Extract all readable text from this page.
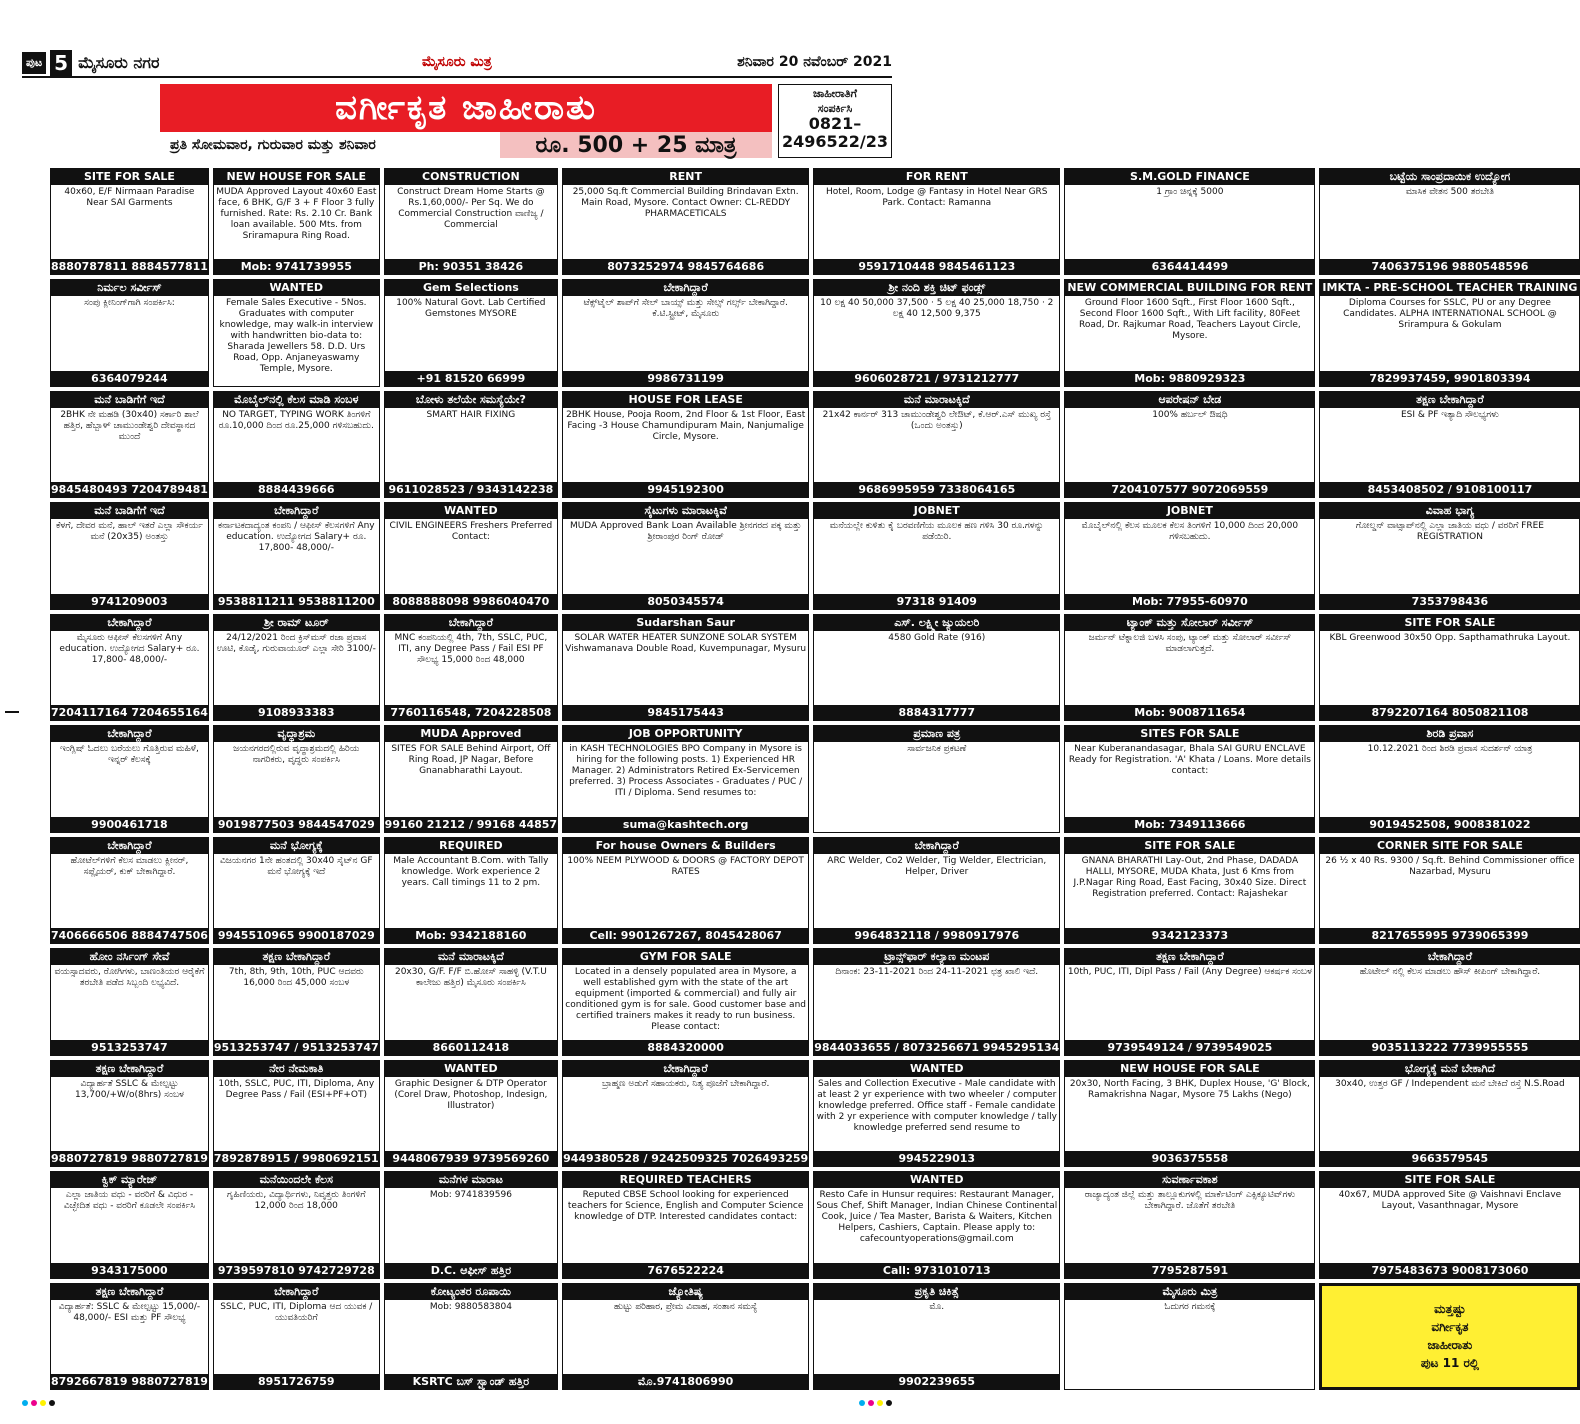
ಪುಟ 5 ಮೈಸೂರು ನಗರ	ಮೈಸೂರು ಮಿತ್ರ	ಶನಿವಾರ 20 ನವೆಂಬರ್ 2021
ವರ್ಗೀಕೃತ ಜಾಹೀರಾತು
ಪ್ರತಿ ಸೋಮವಾರ, ಗುರುವಾರ ಮತ್ತು ಶನಿವಾರ	ರೂ. 500 + 25 ಮಾತ್ರ
ಜಾಹೀರಾತಿಗೆ
ಸಂಪರ್ಕಿಸಿ
0821–
2496522/23
SITE FOR SALE
40x60, E/F Nirmaan Paradise Near SAI Garments
8880787811 8884577811
NEW HOUSE FOR SALE
MUDA Approved Layout 40x60 East face, 6 BHK, G/F 3 + F Floor 3 fully furnished. Rate: Rs. 2.10 Cr. Bank loan available. 500 Mts. from Sriramapura Ring Road.
Mob: 9741739955
CONSTRUCTION
Construct Dream Home Starts @ Rs.1,60,000/- Per Sq. We do Commercial Construction ವಾಣಿಜ್ಯ / Commercial
Ph: 90351 38426
RENT
25,000 Sq.ft Commercial Building Brindavan Extn. Main Road, Mysore. Contact Owner: CL-REDDY PHARMACETICALS
8073252974 9845764686
FOR RENT
Hotel, Room, Lodge @ Fantasy in Hotel Near GRS Park. Contact: Ramanna
9591710448 9845461123
S.M.GOLD FINANCE
1 ಗ್ರಾಂ ಚಿನ್ನಕ್ಕೆ 5000
6364414499
ಬಟ್ಟೆಯ ಸಾಂಪ್ರದಾಯಿಕ ಉದ್ಯೋಗ
ಮಾಸಿಕ ವೇತನ 500 ತರಬೇತಿ
7406375196 9880548596
ನಿರ್ಮಲ ಸರ್ವೀಸ್
ಸಂಪು ಕ್ಲೀನಿಂಗ್‌ಗಾಗಿ ಸಂಪರ್ಕಿಸಿ:
6364079244
WANTED
Female Sales Executive - 5Nos. Graduates with computer knowledge, may walk-in interview with handwritten bio-data to: Sharada Jewellers 58. D.D. Urs Road, Opp. Anjaneyaswamy Temple, Mysore.
Gem Selections
100% Natural Govt. Lab Certified Gemstones MYSORE
+91 81520 66999
ಬೇಕಾಗಿದ್ದಾರೆ
ಟೆಕ್ಸ್‌ಟೈಲ್ ಶಾಪ್‌ಗೆ ಸೇಲ್ ಬಾಯ್ಸ್ ಮತ್ತು ಸೇಲ್ಸ್ ಗರ್ಲ್ಸ್ ಬೇಕಾಗಿದ್ದಾರೆ. ಕೆ.ಟಿ.ಸ್ಟ್ರೀಟ್, ಮೈಸೂರು
9986731199
ಶ್ರೀ ನಂದಿ ಶಕ್ತಿ ಚಿಟ್ ಫಂಡ್ಸ್
10 ಲಕ್ಷ 40 50,000 37,500 · 5 ಲಕ್ಷ 40 25,000 18,750 · 2 ಲಕ್ಷ 40 12,500 9,375
9606028721 / 9731212777
NEW COMMERCIAL BUILDING FOR RENT
Ground Floor 1600 Sqft., First Floor 1600 Sqft., Second Floor 1600 Sqft., With Lift facility, 80Feet Road, Dr. Rajkumar Road, Teachers Layout Circle, Mysore.
Mob: 9880929323
IMKTA - PRE-SCHOOL TEACHER TRAINING
Diploma Courses for SSLC, PU or any Degree Candidates. ALPHA INTERNATIONAL SCHOOL @ Srirampura & Gokulam
7829937459, 9901803394
ಮನೆ ಬಾಡಿಗೆಗೆ ಇದೆ
2BHK ನೇ ಮಹಡಿ (30x40) ಸರ್ಕಾರಿ ಶಾಲೆ ಹತ್ತಿರ, ಹೆಬ್ಬಾಳ್ ಚಾಮುಂಡೇಶ್ವರಿ ದೇವಸ್ಥಾನದ ಮುಂದೆ
9845480493 7204789481
ಮೊಬೈಲ್‌ನಲ್ಲಿ ಕೆಲಸ ಮಾಡಿ ಸಂಬಳ
NO TARGET, TYPING WORK ತಿಂಗಳಿಗೆ ರೂ.10,000 ದಿಂದ ರೂ.25,000 ಗಳಿಸಬಹುದು.
8884439666
ಬೋಳು ತಲೆಯೇ ಸಮಸ್ಯೆಯೇ?
SMART HAIR FIXING
9611028523 / 9343142238
HOUSE FOR LEASE
2BHK House, Pooja Room, 2nd Floor & 1st Floor, East Facing -3 House Chamundipuram Main, Nanjumalige Circle, Mysore.
9945192300
ಮನೆ ಮಾರಾಟಕ್ಕಿದೆ
21x42 ಕಾರ್ನರ್ 313 ಚಾಮುಂಡೇಶ್ವರಿ ಲೇಔಟ್, ಕೆ.ಆರ್.ಎಸ್ ಮುಖ್ಯ ರಸ್ತೆ (ಒಂದು ಅಂತಸ್ತು)
9686995959 7338064165
ಆಪರೇಷನ್ ಬೇಡ
100% ಹರ್ಬಲ್ ಔಷಧಿ
7204107577 9072069559
ತಕ್ಷಣ ಬೇಕಾಗಿದ್ದಾರೆ
ESI & PF ಇತ್ಯಾದಿ ಸೌಲಭ್ಯಗಳು
8453408502 / 9108100117
ಮನೆ ಬಾಡಿಗೆಗೆ ಇದೆ
ಕೆಳಗೆ, ದೇವರ ಮನೆ, ಹಾಲ್ ಇತರೆ ಎಲ್ಲಾ ಸೌಕರ್ಯ ಮನೆ (20x35) ಅಂತಸ್ತು
9741209003
ಬೇಕಾಗಿದ್ದಾರೆ
ಕರ್ನಾಟಕದಾದ್ಯಂತ ಕಂಪನಿ / ಆಫೀಸ್ ಕೆಲಸಗಳಿಗೆ Any education. ಉದ್ಯೋಗದ Salary+ ರೂ. 17,800- 48,000/-
9538811211 9538811200
WANTED
CIVIL ENGINEERS Freshers Preferred Contact:
8088888098 9986040470
ಸೈಟುಗಳು ಮಾರಾಟಕ್ಕಿವೆ
MUDA Approved Bank Loan Available ಶ್ರೀನಗರದ ಪಕ್ಕ ಮತ್ತು ಶ್ರೀರಾಂಪುರ ರಿಂಗ್ ರೋಡ್
8050345574
JOBNET
ಮನೆಯಲ್ಲೇ ಕುಳಿತು ಕೈ ಬರವಣಿಗೆಯ ಮೂಲಕ ಹಣ ಗಳಿಸಿ 30 ರೂ.ಗಳನ್ನು ಪಡೆಯಿರಿ.
97318 91409
JOBNET
ಮೊಬೈಲ್‌ನಲ್ಲಿ ಕೆಲಸ ಮೂಲಕ ಕೆಲಸ ತಿಂಗಳಿಗೆ 10,000 ದಿಂದ 20,000 ಗಳಿಸಬಹುದು.
Mob: 77955-60970
ವಿವಾಹ ಭಾಗ್ಯ
ಗೋಲ್ಡನ್ ವಾಟ್ಸಾಪ್‌ನಲ್ಲಿ ಎಲ್ಲಾ ಜಾತಿಯ ವಧು / ವರರಿಗೆ FREE REGISTRATION
7353798436
ಬೇಕಾಗಿದ್ದಾರೆ
ಮೈಸೂರು ಆಫೀಸ್ ಕೆಲಸಗಳಿಗೆ Any education. ಉದ್ಯೋಗದ Salary+ ರೂ. 17,800- 48,000/-
7204117164 7204655164
ಶ್ರೀ ರಾಮ್ ಟೂರ್
24/12/2021 ರಿಂದ ಕ್ರಿಸ್‌ಮಸ್ ರಜಾ ಪ್ರವಾಸ ಊಟಿ, ಕೊಡೈ, ಗುರುವಾಯೂರ್ ಎಲ್ಲಾ ಸೇರಿ 3100/-
9108933383
ಬೇಕಾಗಿದ್ದಾರೆ
MNC ಕಂಪನಿಯಲ್ಲಿ 4th, 7th, SSLC, PUC, ITI, any Degree Pass / Fail ESI PF ಸೌಲಭ್ಯ 15,000 ರಿಂದ 48,000
7760116548, 7204228508
Sudarshan Saur
SOLAR WATER HEATER SUNZONE SOLAR SYSTEM Vishwamanava Double Road, Kuvempunagar, Mysuru
9845175443
ಎಸ್. ಲಕ್ಷ್ಮೀ ಜ್ಯುಯಲರಿ
4580 Gold Rate (916)
8884317777
ಟ್ಯಾಂಕ್ ಮತ್ತು ಸೋಲಾರ್ ಸರ್ವೀಸ್
ಜರ್ಮನ್ ಟೆಕ್ನಾಲಜಿ ಬಳಸಿ ಸಂಪು, ಟ್ಯಾಂಕ್ ಮತ್ತು ಸೋಲಾರ್ ಸರ್ವೀಸ್ ಮಾಡಲಾಗುತ್ತದೆ.
Mob: 9008711654
SITE FOR SALE
KBL Greenwood 30x50 Opp. Sapthamathruka Layout.
8792207164 8050821108
ಬೇಕಾಗಿದ್ದಾರೆ
ಇಂಗ್ಲಿಷ್ ಓದಲು ಬರೆಯಲು ಗೊತ್ತಿರುವ ಮಹಿಳೆ, ಇನ್ನರ್ ಕೆಲಸಕ್ಕೆ
9900461718
ವೃದ್ಧಾಶ್ರಮ
ಜಯನಗರದಲ್ಲಿರುವ ವೃದ್ಧಾಶ್ರಮದಲ್ಲಿ ಹಿರಿಯ ನಾಗರಿಕರು, ವೃದ್ಧರು ಸಂಪರ್ಕಿಸಿ
9019877503 9844547029
MUDA Approved
SITES FOR SALE Behind Airport, Off Ring Road, JP Nagar, Before Gnanabharathi Layout.
99160 21212 / 99168 44857
JOB OPPORTUNITY
in KASH TECHNOLOGIES BPO Company in Mysore is hiring for the following posts. 1) Experienced HR Manager. 2) Administrators Retired Ex-Servicemen preferred. 3) Process Associates - Graduates / PUC / ITI / Diploma. Send resumes to:
suma@kashtech.org
ಪ್ರಮಾಣ ಪತ್ರ
ಸಾರ್ವಜನಿಕ ಪ್ರಕಟಣೆ
SITES FOR SALE
Near Kuberanandasagar, Bhala SAI GURU ENCLAVE Ready for Registration. 'A' Khata / Loans. More details contact:
Mob: 7349113666
ಶಿರಡಿ ಪ್ರವಾಸ
10.12.2021 ರಿಂದ ಶಿರಡಿ ಪ್ರವಾಸ ಸುದರ್ಶನ್ ಯಾತ್ರ
9019452508, 9008381022
ಬೇಕಾಗಿದ್ದಾರೆ
ಹೋಟೆಲ್‌ಗಳಿಗೆ ಕೆಲಸ ಮಾಡಲು ಕ್ಲೀನರ್, ಸಪ್ಲೈಯರ್, ಕುಕ್ ಬೇಕಾಗಿದ್ದಾರೆ.
7406666506 8884747506
ಮನೆ ಭೋಗ್ಯಕ್ಕೆ
ವಿಜಯನಗರ 1ನೇ ಹಂತದಲ್ಲಿ 30x40 ಸೈಟ್‌ನ GF ಮನೆ ಭೋಗ್ಯಕ್ಕೆ ಇದೆ
9945510965 9900187029
REQUIRED
Male Accountant B.Com. with Tally knowledge. Work experience 2 years. Call timings 11 to 2 pm.
Mob: 9342188160
For house Owners & Builders
100% NEEM PLYWOOD & DOORS @ FACTORY DEPOT RATES
Cell: 9901267267, 8045428067
ಬೇಕಾಗಿದ್ದಾರೆ
ARC Welder, Co2 Welder, Tig Welder, Electrician, Helper, Driver
9964832118 / 9980917976
SITE FOR SALE
GNANA BHARATHI Lay-Out, 2nd Phase, DADADA HALLI, MYSORE, MUDA Khata, Just 6 Kms from J.P.Nagar Ring Road, East Facing, 30x40 Size. Direct Registration preferred. Contact: Rajashekar
9342123373
CORNER SITE FOR SALE
26 ½ x 40 Rs. 9300 / Sq.ft. Behind Commissioner office Nazarbad, Mysuru
8217655995 9739065399
ಹೋಂ ನರ್ಸಿಂಗ್ ಸೇವೆ
ವಯಸ್ಸಾದವರು, ರೋಗಿಗಳು, ಬಾಣಂತಿಯರ ಆರೈಕೆಗೆ ತರಬೇತಿ ಪಡೆದ ಸಿಬ್ಬಂದಿ ಲಭ್ಯವಿದೆ.
9513253747
ತಕ್ಷಣ ಬೇಕಾಗಿದ್ದಾರೆ
7th, 8th, 9th, 10th, PUC ಆದವರು 16,000 ರಿಂದ 45,000 ಸಂಬಳ
9513253747 / 9513253747
ಮನೆ ಮಾರಾಟಕ್ಕಿದೆ
20x30, G/F. F/F ಬಿ.ಹೋಸ್ ಸಾಹಳ್ಳಿ (V.T.U ಕಾಲೇಜು ಹತ್ತಿರ) ಮೈಸೂರು ಸಂಪರ್ಕಿಸಿ
8660112418
GYM FOR SALE
Located in a densely populated area in Mysore, a well established gym with the state of the art equipment (imported & commercial) and fully air conditioned gym is for sale. Good customer base and certified trainers makes it ready to run business. Please contact:
8884320000
ಟ್ರಾನ್ಸ್‌ಫಾರ್ ಕಲ್ಯಾಣ ಮಂಟಪ
ದಿನಾಂಕ: 23-11-2021 ರಿಂದ 24-11-2021 ಛತ್ರ ಖಾಲಿ ಇದೆ.
9844033655 / 8073256671 9945295134
ತಕ್ಷಣ ಬೇಕಾಗಿದ್ದಾರೆ
10th, PUC, ITI, Dipl Pass / Fail (Any Degree) ಆಕರ್ಷಕ ಸಂಬಳ
9739549124 / 9739549025
ಬೇಕಾಗಿದ್ದಾರೆ
ಹೊಟೇಲ್ ನಲ್ಲಿ ಕೆಲಸ ಮಾಡಲು ಹೌಸ್ ಕೀಪಿಂಗ್ ಬೇಕಾಗಿದ್ದಾರೆ.
9035113222 7739955555
ತಕ್ಷಣ ಬೇಕಾಗಿದ್ದಾರೆ
ವಿದ್ಯಾರ್ಹತೆ SSLC & ಮೇಲ್ಪಟ್ಟು 13,700/+W/o(8hrs) ಸಂಬಳ
9880727819 9880727819
ನೇರ ನೇಮಕಾತಿ
10th, SSLC, PUC, ITI, Diploma, Any Degree Pass / Fail (ESI+PF+OT)
7892878915 / 9980692151
WANTED
Graphic Designer & DTP Operator (Corel Draw, Photoshop, Indesign, Illustrator)
9448067939 9739569260
ಬೇಕಾಗಿದ್ದಾರೆ
ಬ್ರಾಹ್ಮಣ ಅಡುಗೆ ಸಹಾಯಕರು, ನಿತ್ಯ ಪೂಜೆಗೆ ಬೇಕಾಗಿದ್ದಾರೆ.
9449380528 / 9242509325 7026493259
WANTED
Sales and Collection Executive - Male candidate with at least 2 yr experience with two wheeler / computer knowledge preferred. Office staff - Female candidate with 2 yr experience with computer knowledge / tally knowledge preferred send resume to
9945229013
NEW HOUSE FOR SALE
20x30, North Facing, 3 BHK, Duplex House, 'G' Block, Ramakrishna Nagar, Mysore 75 Lakhs (Nego)
9036375558
ಭೋಗ್ಯಕ್ಕೆ ಮನೆ ಬೇಕಾಗಿದೆ
30x40, ಉತ್ತರ GF / Independent ಮನೆ ಬೇಕಿದೆ ರಸ್ತೆ N.S.Road
9663579545
ಕ್ವಿಕ್ ಮ್ಯಾರೇಜ್
ಎಲ್ಲಾ ಜಾತಿಯ ವಧು - ವರರಿಗೆ & ವಿಧುರ - ವಿಚ್ಛೇದಿತ ವಧು - ವರರಿಗೆ ಕೂಡಲೇ ಸಂಪರ್ಕಿಸಿ
9343175000
ಮನೆಯಿಂದಲೇ ಕೆಲಸ
ಗೃಹಿಣಿಯರು, ವಿದ್ಯಾರ್ಥಿಗಳು, ನಿವೃತ್ತರು ತಿಂಗಳಿಗೆ 12,000 ರಿಂದ 18,000
9739597810 9742729728
ಮನೆಗಳ ಮಾರಾಟ
Mob: 9741839596
D.C. ಆಫೀಸ್ ಹತ್ತಿರ
REQUIRED TEACHERS
Reputed CBSE School looking for experienced teachers for Science, English and Computer Science knowledge of DTP. Interested candidates contact:
7676522224
WANTED
Resto Cafe in Hunsur requires: Restaurant Manager, Sous Chef, Shift Manager, Indian Chinese Continental Cook, Juice / Tea Master, Barista & Waiters, Kitchen Helpers, Cashiers, Captain. Please apply to: cafecountyoperations@gmail.com
Call: 9731010713
ಸುವರ್ಣಾವಕಾಶ
ರಾಜ್ಯಾದ್ಯಂತ ಜಿಲ್ಲೆ ಮತ್ತು ತಾಲ್ಲೂಕುಗಳಲ್ಲಿ ಮಾರ್ಕೆಟಿಂಗ್ ಎಕ್ಸಿಕ್ಯೂಟಿವ್‌ಗಳು ಬೇಕಾಗಿದ್ದಾರೆ. ಜೊತೆಗೆ ತರಬೇತಿ
7795287591
SITE FOR SALE
40x67, MUDA approved Site @ Vaishnavi Enclave Layout, Vasanthnagar, Mysore
7975483673 9008173060
ತಕ್ಷಣ ಬೇಕಾಗಿದ್ದಾರೆ
ವಿದ್ಯಾರ್ಹತೆ: SSLC & ಮೇಲ್ಪಟ್ಟು 15,000/- 48,000/- ESI ಮತ್ತು PF ಸೌಲಭ್ಯ
8792667819 9880727819
ಬೇಕಾಗಿದ್ದಾರೆ
SSLC, PUC, ITI, Diploma ಆದ ಯುವಕ / ಯುವತಿಯರಿಗೆ
8951726759
ಕೋಟ್ಯಂತರ ರೂಪಾಯಿ
Mob: 9880583804
KSRTC ಬಸ್ ಸ್ಟ್ಯಾಂಡ್ ಹತ್ತಿರ
ಜ್ಯೋತಿಷ್ಯ
ಹುಟ್ಟು ಪರಿಹಾರ, ಪ್ರೇಮ ವಿವಾಹ, ಸಂತಾನ ಸಮಸ್ಯೆ
ಮೊ.9741806990
ಪ್ರಕೃತಿ ಚಿಕಿತ್ಸೆ
ಮೊ.
9902239655
ಮೈಸೂರು ಮಿತ್ರ
ಓದುಗರ ಗಮನಕ್ಕೆ	ಮತ್ತಷ್ಟು
ವರ್ಗೀಕೃತ
ಜಾಹೀರಾತು
ಪುಟ 11 ರಲ್ಲಿ
